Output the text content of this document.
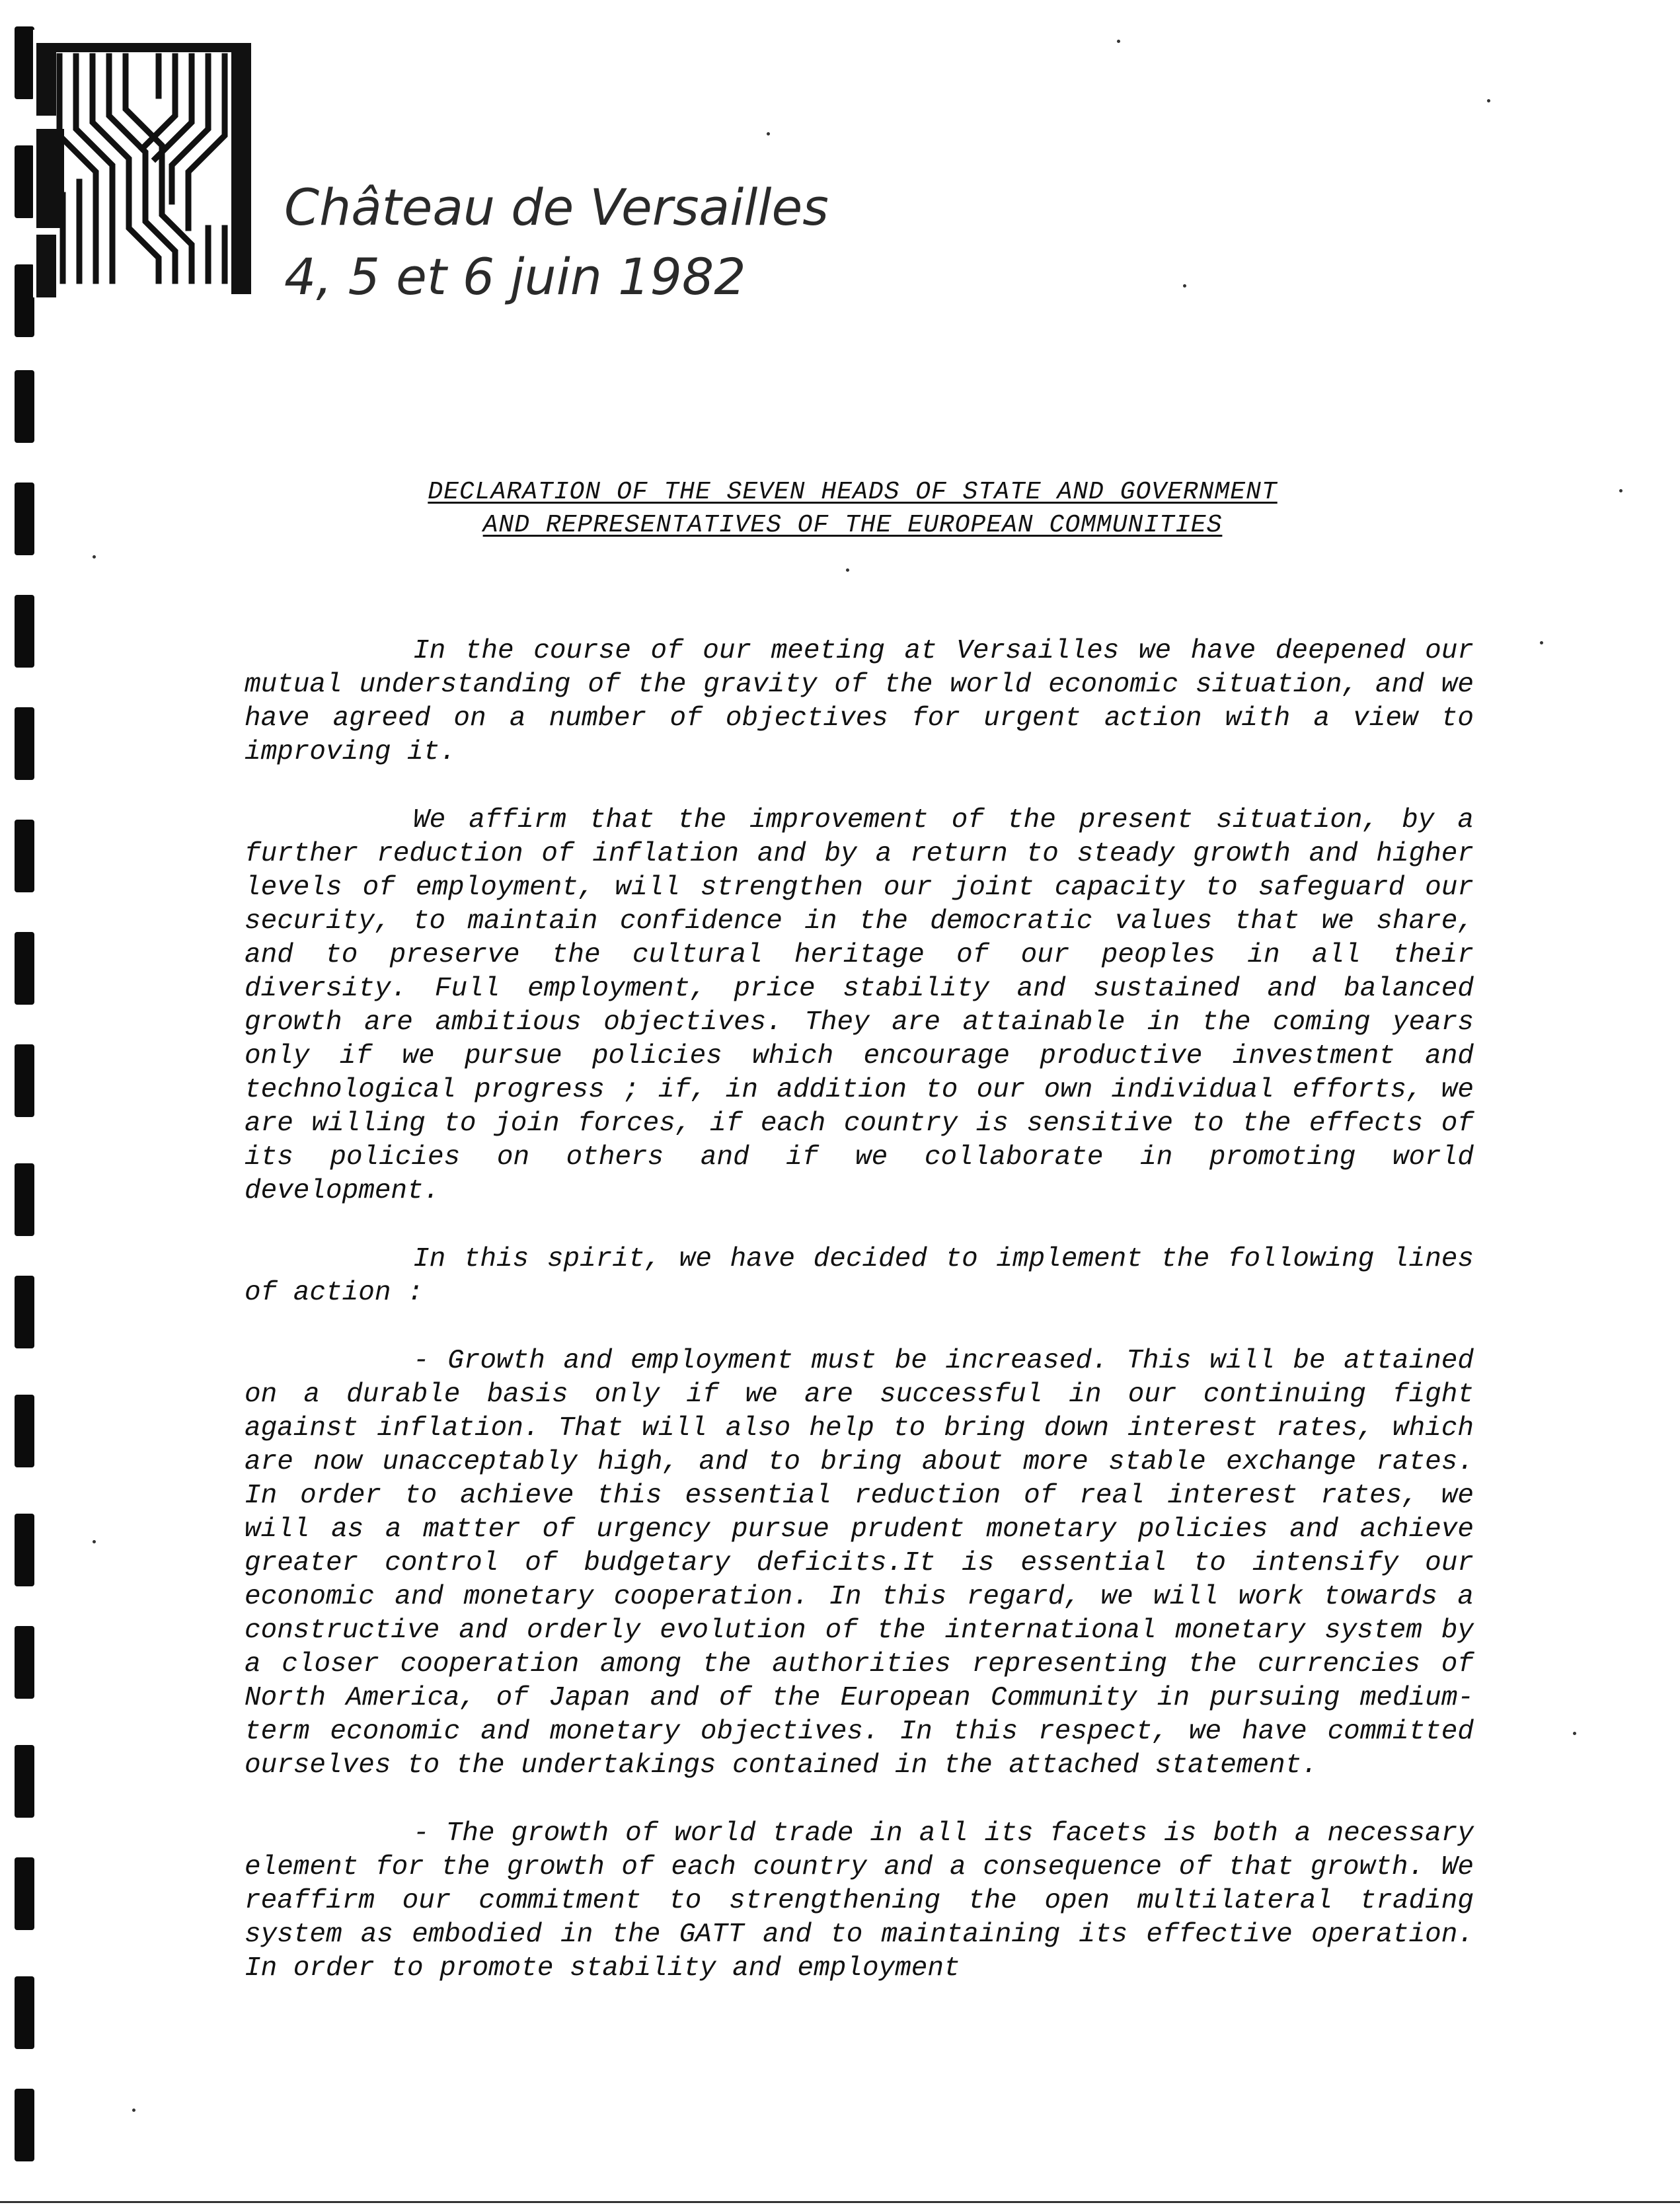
Château de Versailles
4, 5 et 6 juin 1982
DECLARATION OF THE SEVEN HEADS OF STATE AND GOVERNMENT
AND REPRESENTATIVES OF THE EUROPEAN COMMUNITIES

In the course of our meeting at Versailles we have deepened our mutual understanding of the gravity of the world economic situation, and we have agreed on a number of objectives for urgent action with a view to improving it.

We affirm that the improvement of the present situation, by a further reduction of inflation and by a return to steady growth and higher levels of employment, will strengthen our joint capacity to safeguard our security, to maintain confidence in the democratic values that we share, and to preserve the cultural heritage of our peoples in all their diversity. Full employment, price stability and sustained and balanced growth are ambitious objectives. They are attainable in the coming years only if we pursue policies which encourage productive investment and technological progress ; if, in addition to our own individual efforts, we are willing to join forces, if each country is sensitive to the effects of its policies on others and if we collaborate in promoting world development.

In this spirit, we have decided to implement the following lines of action :

- Growth and employment must be increased. This will be attained on a durable basis only if we are successful in our continuing fight against inflation. That will also help to bring down interest rates, which are now unacceptably high, and to bring about more stable exchange rates. In order to achieve this essential reduction of real interest rates, we will as a matter of urgency pursue prudent monetary policies and achieve greater control of budgetary deficits.It is essential to intensify our economic and monetary cooperation. In this regard, we will work towards a constructive and orderly evolution of the international monetary system by a closer cooperation among the authorities representing the currencies of North America, of Japan and of the European Community in pursuing medium-term economic and monetary objectives. In this respect, we have committed ourselves to the undertakings contained in the attached statement.

- The growth of world trade in all its facets is both a necessary element for the growth of each country and a consequence of that growth. We reaffirm our commitment to strengthening the open multilateral trading system as embodied in the GATT and to maintaining its effective operation. In order to promote stability and employment
